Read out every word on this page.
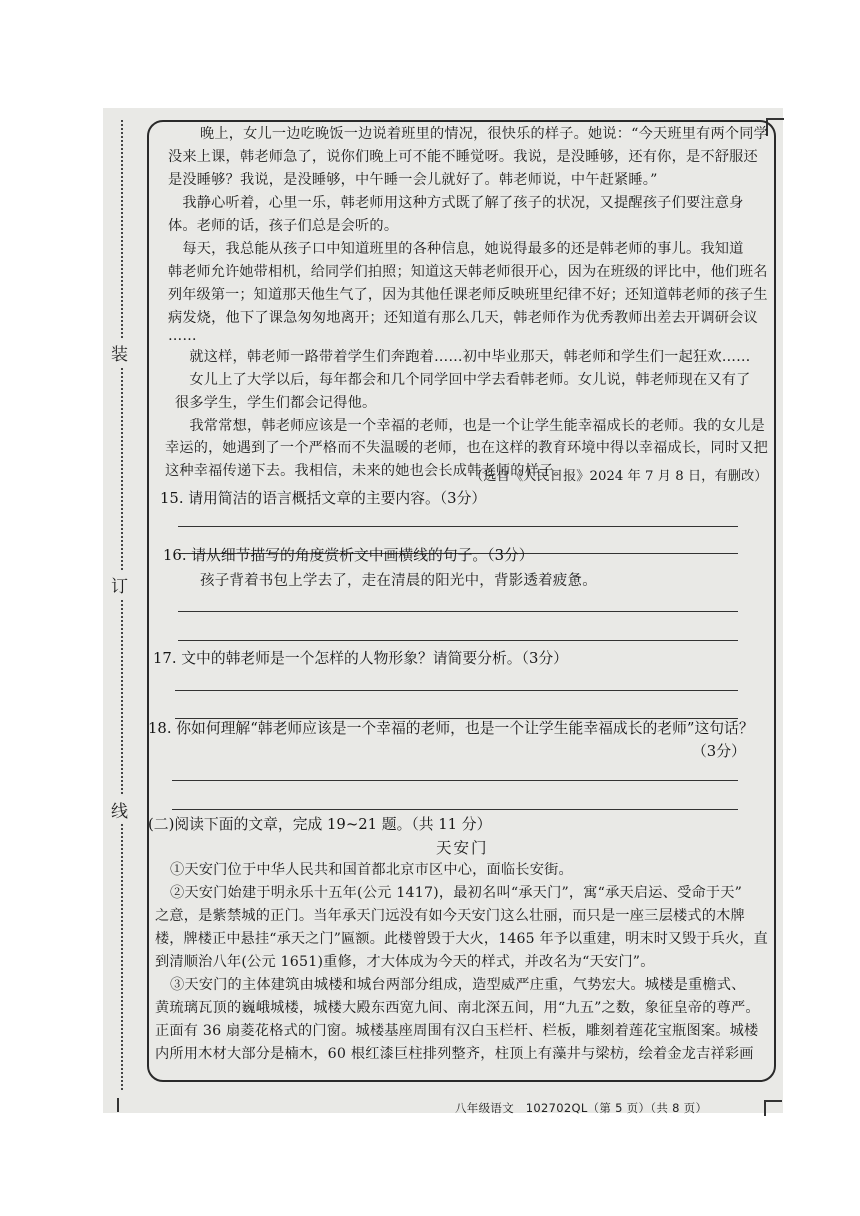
装
订
线
晚上，女儿一边吃晚饭一边说着班里的情况，很快乐的样子。她说：“今天班里有两个同学
没来上课，韩老师急了，说你们晚上可不能不睡觉呀。我说，是没睡够，还有你，是不舒服还
是没睡够？我说，是没睡够，中午睡一会儿就好了。韩老师说，中午赶紧睡。”
　我静心听着，心里一乐，韩老师用这种方式既了解了孩子的状况，又提醒孩子们要注意身
体。老师的话，孩子们总是会听的。
　每天，我总能从孩子口中知道班里的各种信息，她说得最多的还是韩老师的事儿。我知道
韩老师允许她带相机，给同学们拍照；知道这天韩老师很开心，因为在班级的评比中，他们班名
列年级第一；知道那天他生气了，因为其他任课老师反映班里纪律不好；还知道韩老师的孩子生
病发烧，他下了课急匆匆地离开；还知道有那么几天，韩老师作为优秀教师出差去开调研会议
……
　就这样，韩老师一路带着学生们奔跑着……初中毕业那天，韩老师和学生们一起狂欢……
　女儿上了大学以后，每年都会和几个同学回中学去看韩老师。女儿说，韩老师现在又有了
很多学生，学生们都会记得他。
　我常常想，韩老师应该是一个幸福的老师，也是一个让学生能幸福成长的老师。我的女儿是
幸运的，她遇到了一个严格而不失温暖的老师，也在这样的教育环境中得以幸福成长，同时又把
这种幸福传递下去。我相信，未来的她也会长成韩老师的样子。
（选自《人民日报》2024 年 7 月 8 日，有删改）
15. 请用简洁的语言概括文章的主要内容。（3分）
16. 请从细节描写的角度赏析文中画横线的句子。（3分）
孩子背着书包上学去了，走在清晨的阳光中，背影透着疲惫。
17. 文中的韩老师是一个怎样的人物形象？请简要分析。（3分）
18. 你如何理解“韩老师应该是一个幸福的老师，也是一个让学生能幸福成长的老师”这句话？
（3分）
(二)阅读下面的文章，完成 19~21 题。（共 11 分）
天安门
①天安门位于中华人民共和国首都北京市区中心，面临长安街。
②天安门始建于明永乐十五年(公元 1417)，最初名叫“承天门”，寓“承天启运、受命于天”
之意，是紫禁城的正门。当年承天门远没有如今天安门这么壮丽，而只是一座三层楼式的木牌
楼，牌楼正中悬挂“承天之门”匾额。此楼曾毁于大火，1465 年予以重建，明末时又毁于兵火，直
到清顺治八年(公元 1651)重修，才大体成为今天的样式，并改名为“天安门”。
③天安门的主体建筑由城楼和城台两部分组成，造型威严庄重，气势宏大。城楼是重檐式、
黄琉璃瓦顶的巍峨城楼，城楼大殿东西宽九间、南北深五间，用“九五”之数，象征皇帝的尊严。
正面有 36 扇菱花格式的门窗。城楼基座周围有汉白玉栏杆、栏板，雕刻着莲花宝瓶图案。城楼
内所用木材大部分是楠木，60 根红漆巨柱排列整齐，柱顶上有藻井与梁枋，绘着金龙吉祥彩画
八年级语文　102702QL（第 5 页）（共 8 页）
